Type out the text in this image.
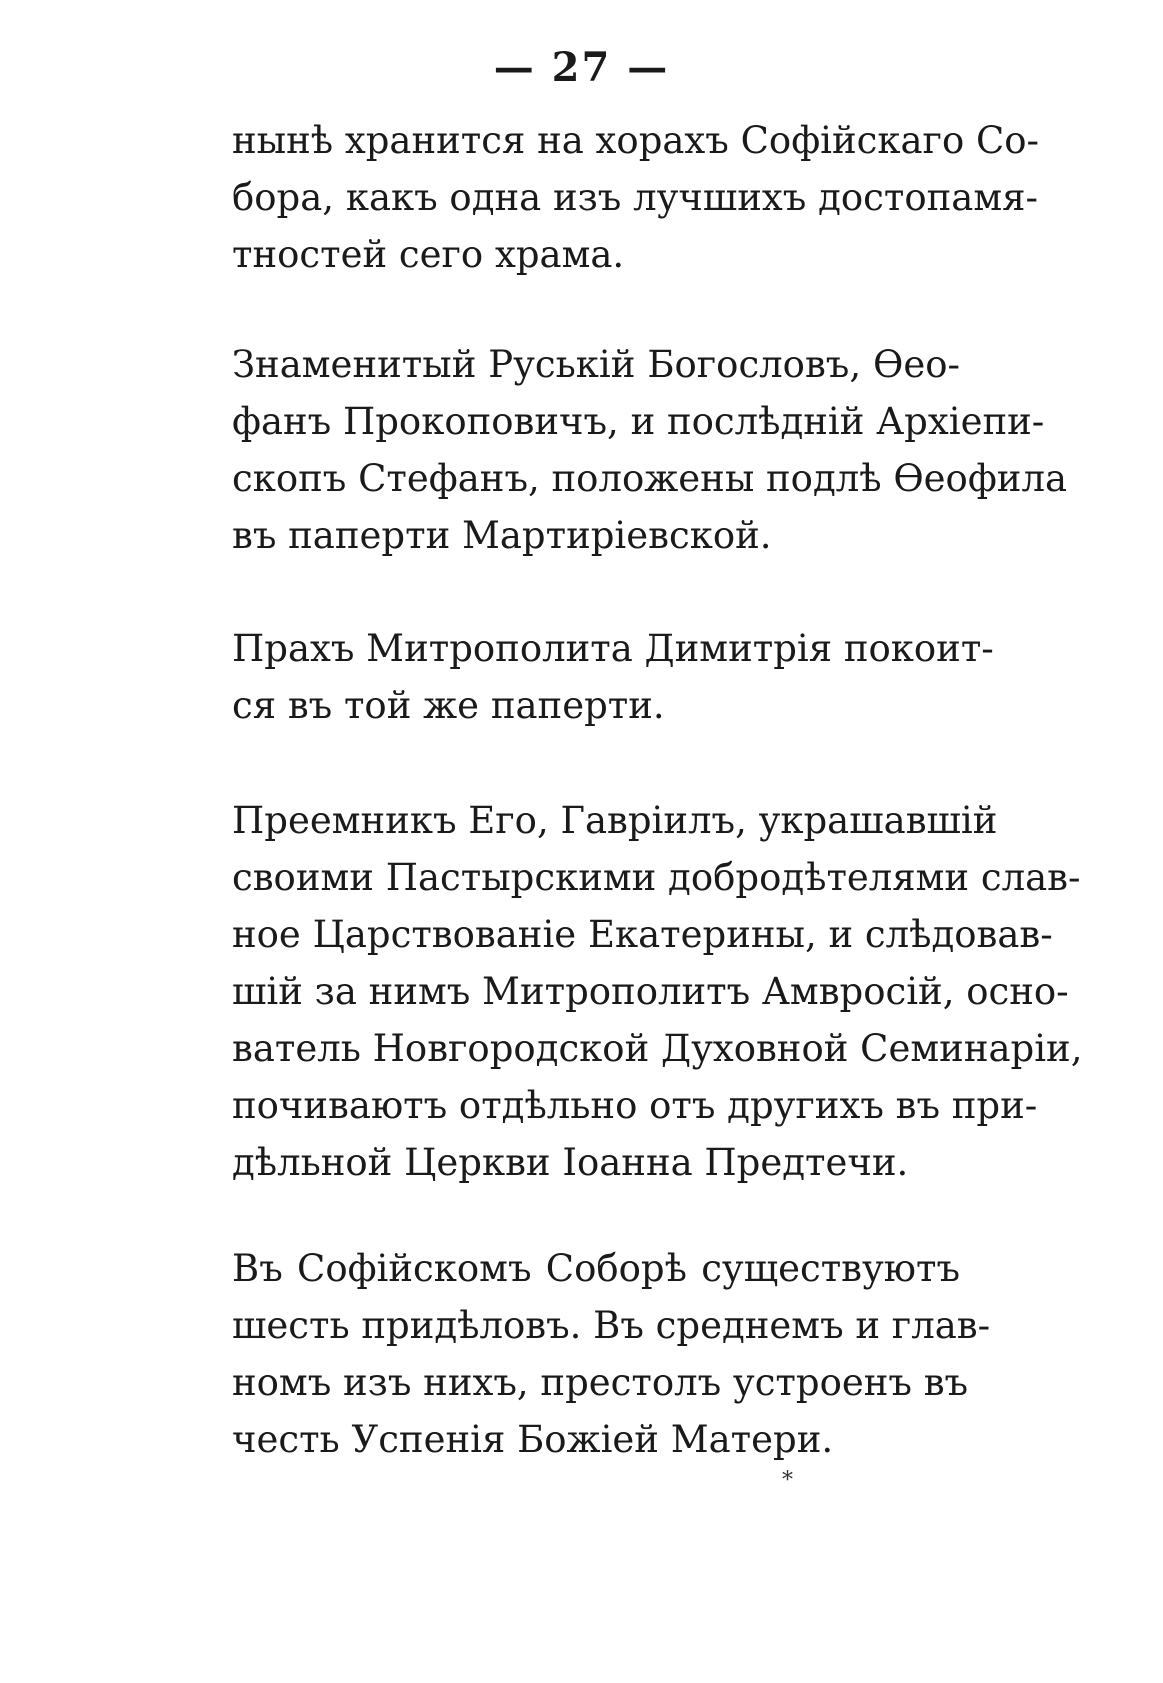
— 27 —
нынѣ хранится на хорахъ Софійскаго Со-
бора, какъ одна изъ лучшихъ достопамя-
тностей сего храма.
Знаменитый Руській Богословъ, Ѳео-
фанъ Прокоповичъ, и послѣдній Архіепи-
скопъ Стефанъ, положены подлѣ Ѳеофила
въ паперти Мартиріевской.
Прахъ Митрополита Димитрія покоит-
ся въ той же паперти.
Преемникъ Его, Гавріилъ, украшавшій
своими Пастырскими добродѣтелями слав-
ное Царствованіе Екатерины, и слѣдовав-
шій за нимъ Митрополитъ Амвросій, осно-
ватель Новгородской Духовной Семинаріи,
почиваютъ отдѣльно отъ другихъ въ при-
дѣльной Церкви Іоанна Предтечи.
Въ Софійскомъ Соборѣ существуютъ
шесть придѣловъ. Въ среднемъ и глав-
номъ изъ нихъ, престолъ устроенъ въ
честь Успенія Божіей Матери.
*
